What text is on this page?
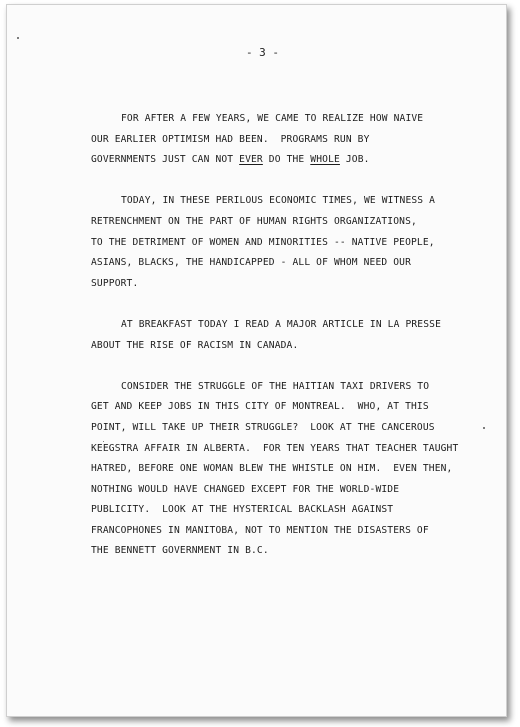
- 3 -
FOR AFTER A FEW YEARS, WE CAME TO REALIZE HOW NAIVE
OUR EARLIER OPTIMISM HAD BEEN.  PROGRAMS RUN BY
GOVERNMENTS JUST CAN NOT EVER DO THE WHOLE JOB.
TODAY, IN THESE PERILOUS ECONOMIC TIMES, WE WITNESS A
RETRENCHMENT ON THE PART OF HUMAN RIGHTS ORGANIZATIONS,
TO THE DETRIMENT OF WOMEN AND MINORITIES -- NATIVE PEOPLE,
ASIANS, BLACKS, THE HANDICAPPED - ALL OF WHOM NEED OUR
SUPPORT.
AT BREAKFAST TODAY I READ A MAJOR ARTICLE IN LA PRESSE
ABOUT THE RISE OF RACISM IN CANADA.
CONSIDER THE STRUGGLE OF THE HAITIAN TAXI DRIVERS TO
GET AND KEEP JOBS IN THIS CITY OF MONTREAL.  WHO, AT THIS
POINT, WILL TAKE UP THEIR STRUGGLE?  LOOK AT THE CANCEROUS
KEEGSTRA AFFAIR IN ALBERTA.  FOR TEN YEARS THAT TEACHER TAUGHT
HATRED, BEFORE ONE WOMAN BLEW THE WHISTLE ON HIM.  EVEN THEN,
NOTHING WOULD HAVE CHANGED EXCEPT FOR THE WORLD-WIDE
PUBLICITY.  LOOK AT THE HYSTERICAL BACKLASH AGAINST
FRANCOPHONES IN MANITOBA, NOT TO MENTION THE DISASTERS OF
THE BENNETT GOVERNMENT IN B.C.
